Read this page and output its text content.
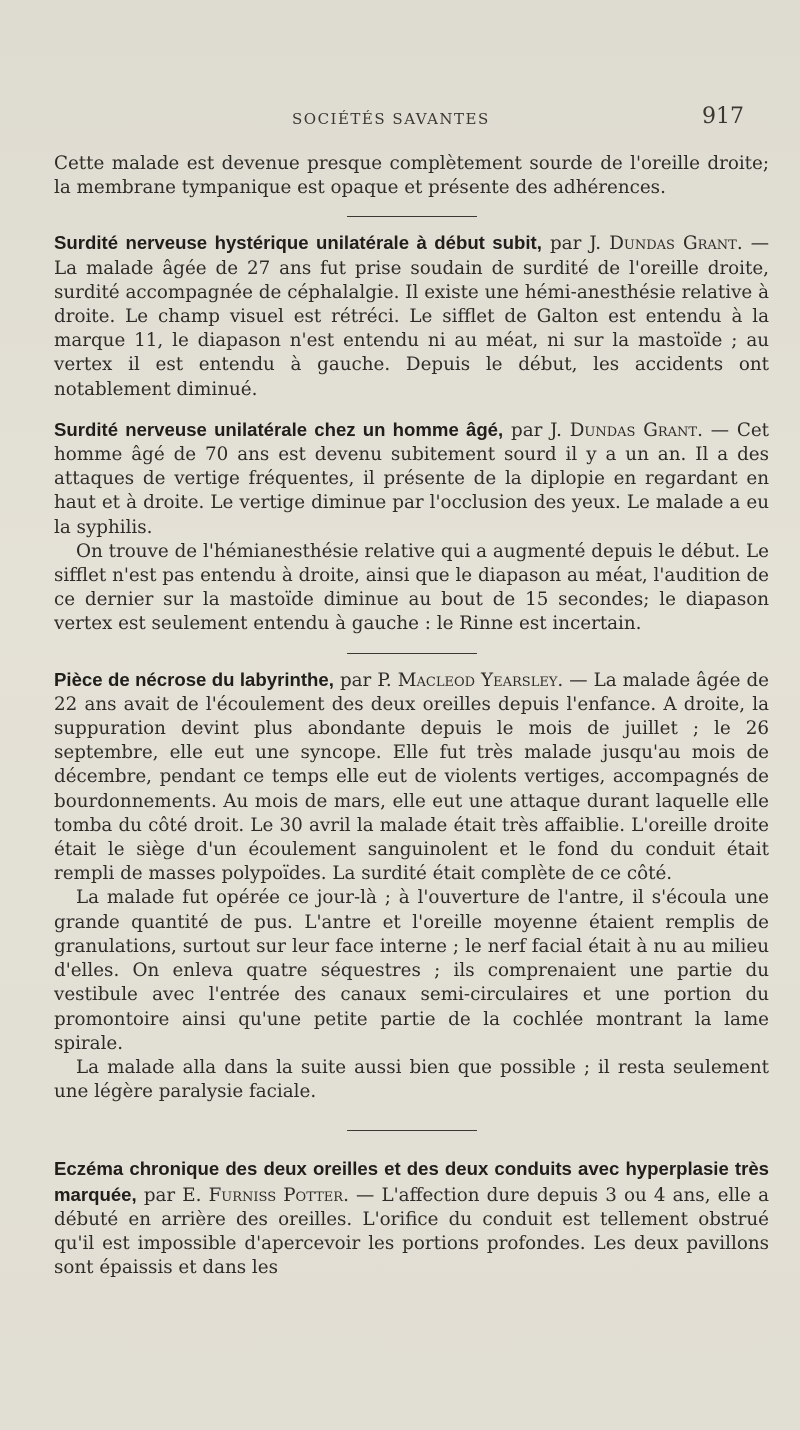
SOCIÉTÉS SAVANTES	917

Cette malade est devenue presque complètement sourde de l'oreille droite; la membrane tympanique est opaque et présente des adhérences.

Surdité nerveuse hystérique unilatérale à début subit, par J. Dundas Grant. — La malade âgée de 27 ans fut prise soudain de surdité de l'oreille droite, surdité accompagnée de céphalalgie. Il existe une hémi-anesthésie relative à droite. Le champ visuel est rétréci. Le sifflet de Galton est entendu à la marque 11, le diapason n'est entendu ni au méat, ni sur la mastoïde ; au vertex il est entendu à gauche. Depuis le début, les accidents ont notablement diminué.

Surdité nerveuse unilatérale chez un homme âgé, par J. Dundas Grant. — Cet homme âgé de 70 ans est devenu subitement sourd il y a un an. Il a des attaques de vertige fréquentes, il présente de la diplopie en regardant en haut et à droite. Le vertige diminue par l'occlusion des yeux. Le malade a eu la syphilis.

On trouve de l'hémianesthésie relative qui a augmenté depuis le début. Le sifflet n'est pas entendu à droite, ainsi que le diapason au méat, l'audition de ce dernier sur la mastoïde diminue au bout de 15 secondes; le diapason vertex est seulement entendu à gauche : le Rinne est incertain.

Pièce de nécrose du labyrinthe, par P. Macleod Yearsley. — La malade âgée de 22 ans avait de l'écoulement des deux oreilles depuis l'enfance. A droite, la suppuration devint plus abondante depuis le mois de juillet ; le 26 septembre, elle eut une syncope. Elle fut très malade jusqu'au mois de décembre, pendant ce temps elle eut de violents vertiges, accompagnés de bourdonnements. Au mois de mars, elle eut une attaque durant laquelle elle tomba du côté droit. Le 30 avril la malade était très affaiblie. L'oreille droite était le siège d'un écoulement sanguinolent et le fond du conduit était rempli de masses polypoïdes. La surdité était complète de ce côté.

La malade fut opérée ce jour-là ; à l'ouverture de l'antre, il s'écoula une grande quantité de pus. L'antre et l'oreille moyenne étaient remplis de granulations, surtout sur leur face interne ; le nerf facial était à nu au milieu d'elles. On enleva quatre séquestres ; ils comprenaient une partie du vestibule avec l'entrée des canaux semi-circulaires et une portion du promontoire ainsi qu'une petite partie de la cochlée montrant la lame spirale.

La malade alla dans la suite aussi bien que possible ; il resta seulement une légère paralysie faciale.

Eczéma chronique des deux oreilles et des deux conduits avec hyperplasie très marquée, par E. Furniss Potter. — L'affection dure depuis 3 ou 4 ans, elle a débuté en arrière des oreilles. L'orifice du conduit est tellement obstrué qu'il est impossible d'apercevoir les portions profondes. Les deux pavillons sont épaissis et dans les
